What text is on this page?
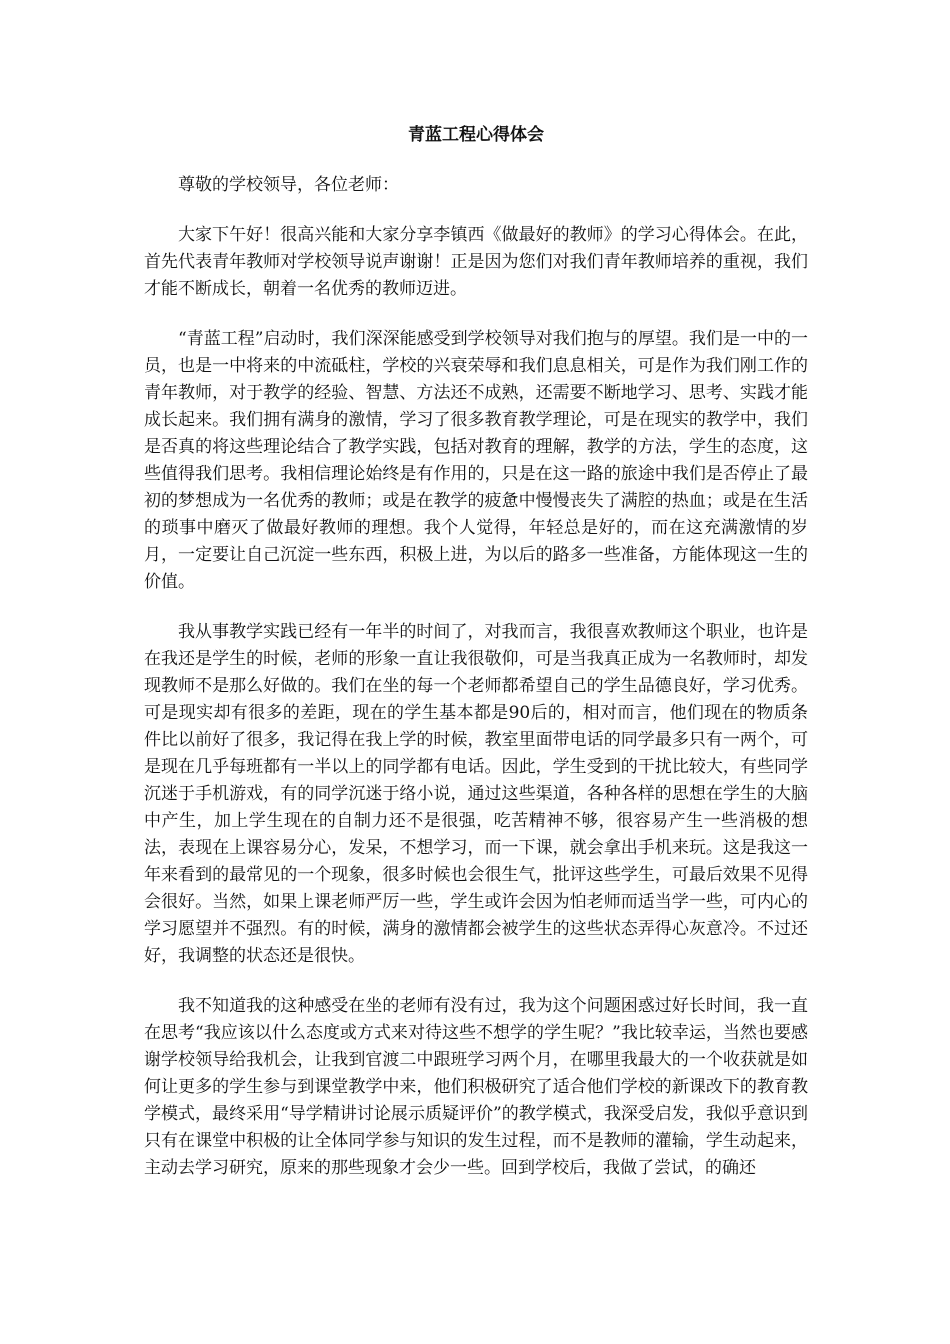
青蓝工程心得体会

尊敬的学校领导，各位老师：

大家下午好！很高兴能和大家分享李镇西《做最好的教师》的学习心得体会。在此，首先代表青年教师对学校领导说声谢谢！正是因为您们对我们青年教师培养的重视，我们才能不断成长，朝着一名优秀的教师迈进。

“青蓝工程”启动时，我们深深能感受到学校领导对我们抱与的厚望。我们是一中的一员，也是一中将来的中流砥柱，学校的兴衰荣辱和我们息息相关，可是作为我们刚工作的青年教师，对于教学的经验、智慧、方法还不成熟，还需要不断地学习、思考、实践才能成长起来。我们拥有满身的激情，学习了很多教育教学理论，可是在现实的教学中，我们是否真的将这些理论结合了教学实践，包括对教育的理解，教学的方法，学生的态度，这些值得我们思考。我相信理论始终是有作用的，只是在这一路的旅途中我们是否停止了最初的梦想成为一名优秀的教师；或是在教学的疲惫中慢慢丧失了满腔的热血；或是在生活的琐事中磨灭了做最好教师的理想。我个人觉得，年轻总是好的，而在这充满激情的岁月，一定要让自己沉淀一些东西，积极上进，为以后的路多一些准备，方能体现这一生的价值。

我从事教学实践已经有一年半的时间了，对我而言，我很喜欢教师这个职业，也许是在我还是学生的时候，老师的形象一直让我很敬仰，可是当我真正成为一名教师时，却发现教师不是那么好做的。我们在坐的每一个老师都希望自己的学生品德良好，学习优秀。可是现实却有很多的差距，现在的学生基本都是90后的，相对而言，他们现在的物质条件比以前好了很多，我记得在我上学的时候，教室里面带电话的同学最多只有一两个，可是现在几乎每班都有一半以上的同学都有电话。因此，学生受到的干扰比较大，有些同学沉迷于手机游戏，有的同学沉迷于络小说，通过这些渠道，各种各样的思想在学生的大脑中产生，加上学生现在的自制力还不是很强，吃苦精神不够，很容易产生一些消极的想法，表现在上课容易分心，发呆，不想学习，而一下课，就会拿出手机来玩。这是我这一年来看到的最常见的一个现象，很多时候也会很生气，批评这些学生，可最后效果不见得会很好。当然，如果上课老师严厉一些，学生或许会因为怕老师而适当学一些，可内心的学习愿望并不强烈。有的时候，满身的激情都会被学生的这些状态弄得心灰意冷。不过还好，我调整的状态还是很快。

我不知道我的这种感受在坐的老师有没有过，我为这个问题困惑过好长时间，我一直在思考“我应该以什么态度或方式来对待这些不想学的学生呢？”我比较幸运，当然也要感谢学校领导给我机会，让我到官渡二中跟班学习两个月，在哪里我最大的一个收获就是如何让更多的学生参与到课堂教学中来，他们积极研究了适合他们学校的新课改下的教育教学模式，最终采用“导学精讲讨论展示质疑评价”的教学模式，我深受启发，我似乎意识到只有在课堂中积极的让全体同学参与知识的发生过程，而不是教师的灌输，学生动起来，主动去学习研究，原来的那些现象才会少一些。回到学校后，我做了尝试，的确还
